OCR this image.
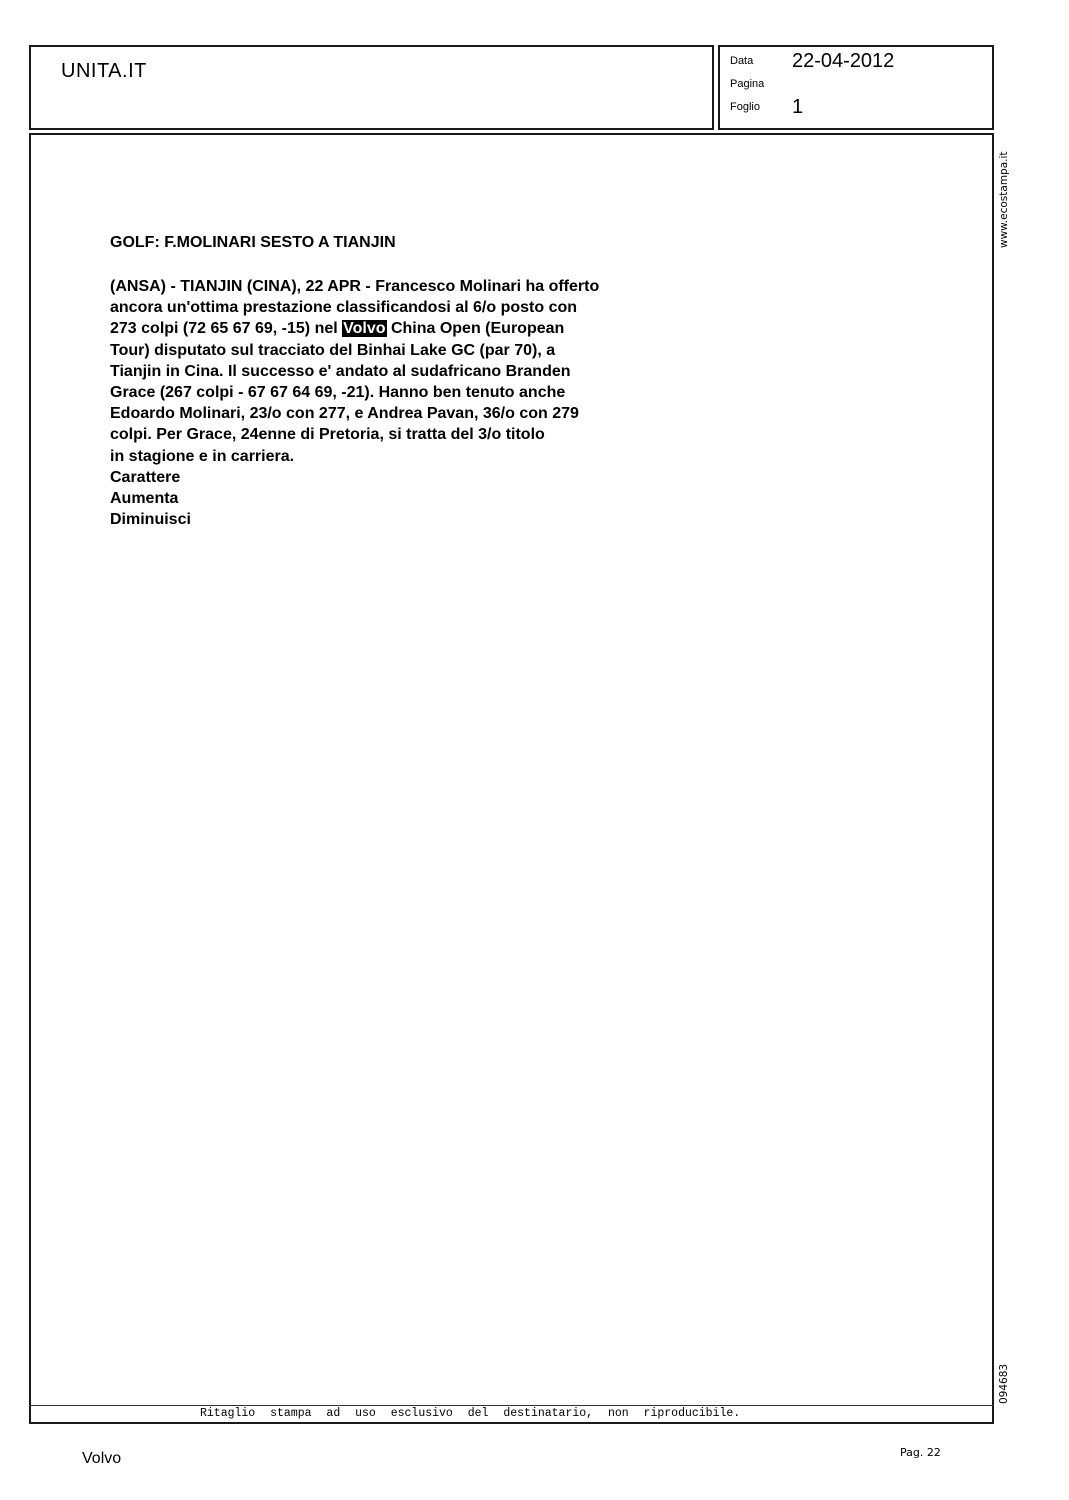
UNITA.IT	Data 22-04-2012
Pagina
Foglio 1
GOLF: F.MOLINARI SESTO A TIANJIN
(ANSA) - TIANJIN (CINA), 22 APR - Francesco Molinari ha offerto
ancora un'ottima prestazione classificandosi al 6/o posto con
273 colpi (72 65 67 69, -15) nel Volvo China Open (European
Tour) disputato sul tracciato del Binhai Lake GC (par 70), a
Tianjin in Cina. Il successo e' andato al sudafricano Branden
Grace (267 colpi - 67 67 64 69, -21). Hanno ben tenuto anche
Edoardo Molinari, 23/o con 277, e Andrea Pavan, 36/o con 279
colpi. Per Grace, 24enne di Pretoria, si tratta del 3/o titolo
in stagione e in carriera.
Carattere
Aumenta
Diminuisci
www.ecostampa.it
094683
Ritaglio stampa ad uso esclusivo del destinatario, non riproducibile.
Volvo	Pag. 22
